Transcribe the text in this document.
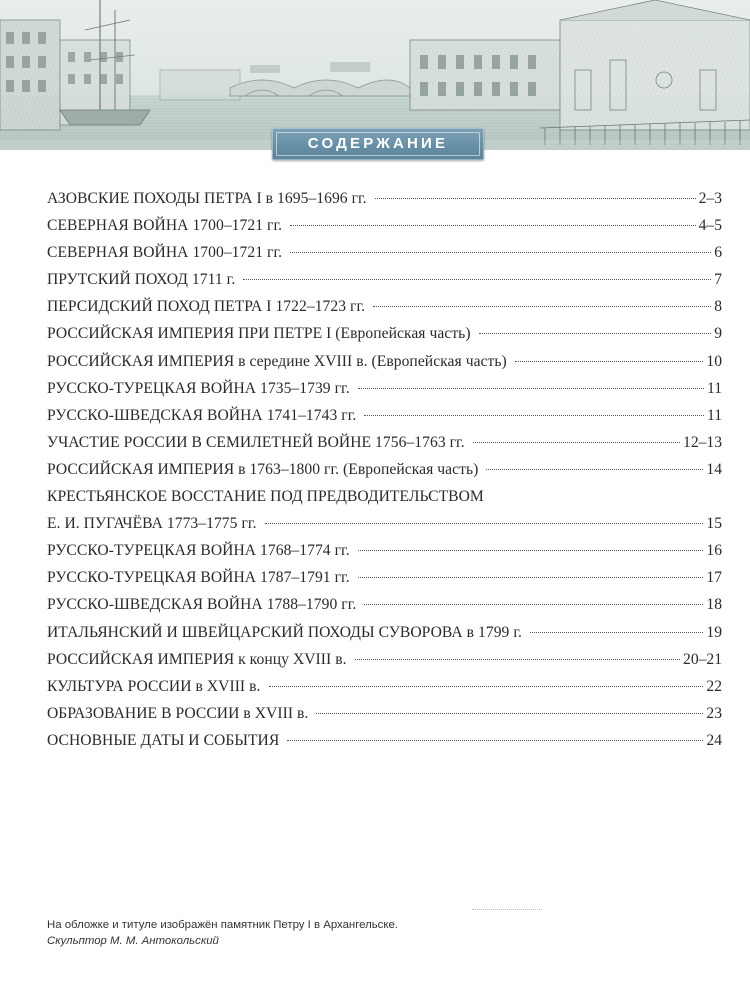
СОДЕРЖАНИЕ
АЗОВСКИЕ ПОХОДЫ ПЕТРА I в 1695–1696 гг.	2–3
СЕВЕРНАЯ ВОЙНА 1700–1721 гг.	4–5
СЕВЕРНАЯ ВОЙНА 1700–1721 гг.	6
ПРУТСКИЙ ПОХОД 1711 г.	7
ПЕРСИДСКИЙ ПОХОД ПЕТРА I 1722–1723 гг.	8
РОССИЙСКАЯ ИМПЕРИЯ ПРИ ПЕТРЕ I (Европейская часть)	9
РОССИЙСКАЯ ИМПЕРИЯ в середине XVIII в. (Европейская часть)	10
РУССКО-ТУРЕЦКАЯ ВОЙНА 1735–1739 гг.	11
РУССКО-ШВЕДСКАЯ ВОЙНА 1741–1743 гг.	11
УЧАСТИЕ РОССИИ В СЕМИЛЕТНЕЙ ВОЙНЕ 1756–1763 гг.	12–13
РОССИЙСКАЯ ИМПЕРИЯ в 1763–1800 гг. (Европейская часть)	14
КРЕСТЬЯНСКОЕ ВОССТАНИЕ ПОД ПРЕДВОДИТЕЛЬСТВОМ
Е. И. ПУГАЧЁВА 1773–1775 гг.	15
РУССКО-ТУРЕЦКАЯ ВОЙНА 1768–1774 гг.	16
РУССКО-ТУРЕЦКАЯ ВОЙНА 1787–1791 гг.	17
РУССКО-ШВЕДСКАЯ ВОЙНА 1788–1790 гг.	18
ИТАЛЬЯНСКИЙ И ШВЕЙЦАРСКИЙ ПОХОДЫ СУВОРОВА в 1799 г.	19
РОССИЙСКАЯ ИМПЕРИЯ к концу XVIII в.	20–21
КУЛЬТУРА РОССИИ в XVIII в.	22
ОБРАЗОВАНИЕ В РОССИИ в XVIII в.	23
ОСНОВНЫЕ ДАТЫ И СОБЫТИЯ	24
На обложке и титуле изображён памятник Петру I в Архангельске.
Скульптор М. М. Антокольский
